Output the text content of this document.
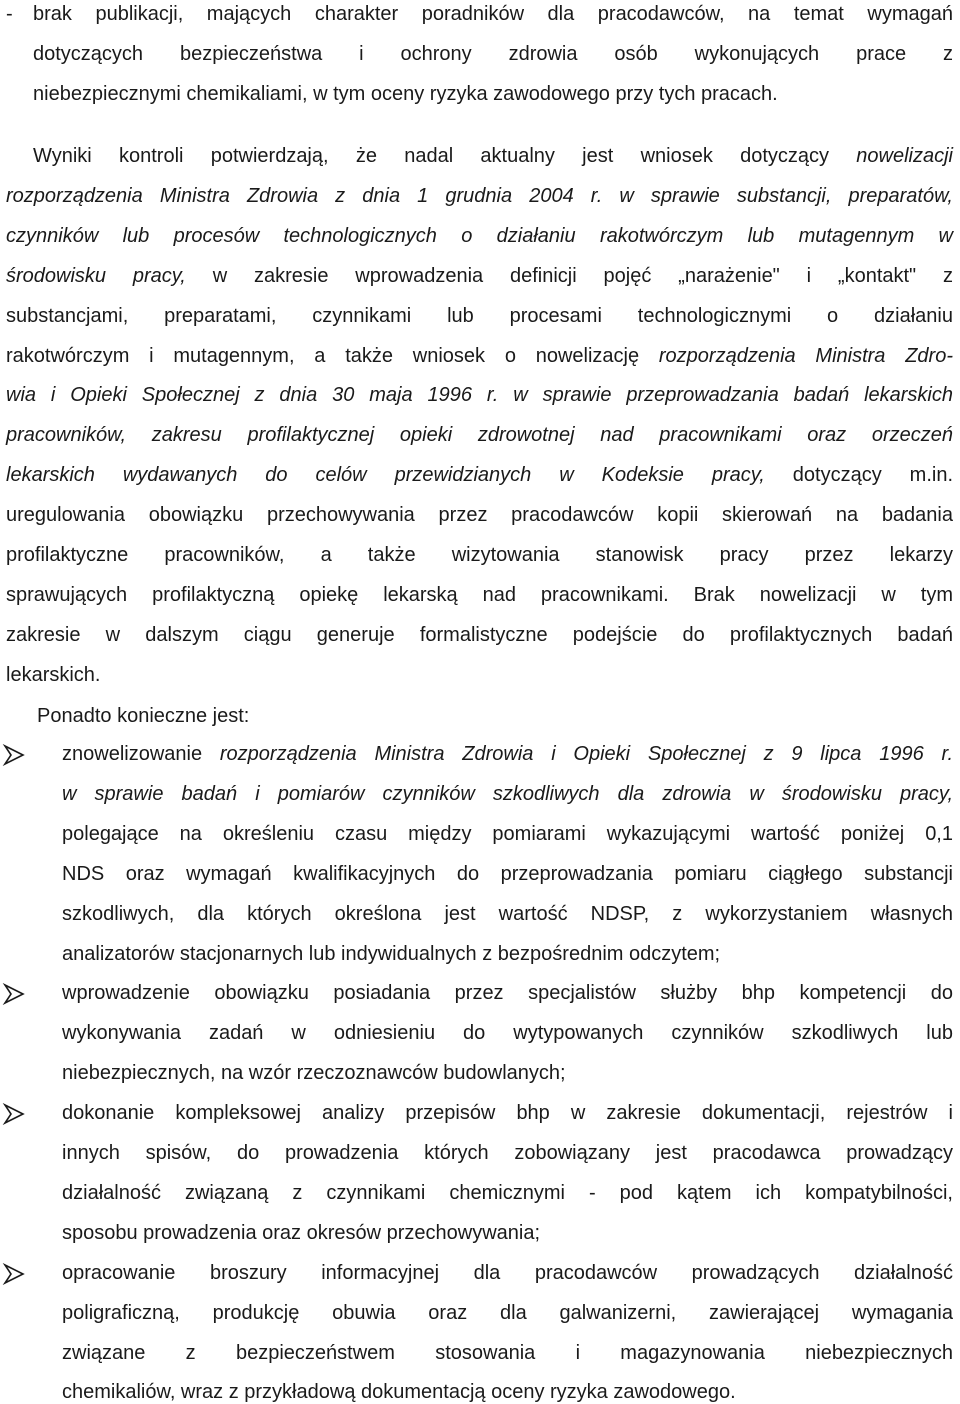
- brak publikacji, mających charakter poradników dla pracodawców, na temat wymagań
dotyczących bezpieczeństwa i ochrony zdrowia osób wykonujących prace z
niebezpiecznymi chemikaliami, w tym oceny ryzyka zawodowego przy tych pracach.
Wyniki kontroli potwierdzają, że nadal aktualny jest wniosek dotyczący nowelizacji
rozporządzenia Ministra Zdrowia z dnia 1 grudnia 2004 r. w sprawie substancji, preparatów,
czynników lub procesów technologicznych o działaniu rakotwórczym lub mutagennym w
środowisku pracy, w zakresie wprowadzenia definicji pojęć „narażenie" i „kontakt" z
substancjami, preparatami, czynnikami lub procesami technologicznymi o działaniu
rakotwórczym i mutagennym, a także wniosek o nowelizację rozporządzenia Ministra Zdro-
wia i Opieki Społecznej z dnia 30 maja 1996 r. w sprawie przeprowadzania badań lekarskich
pracowników, zakresu profilaktycznej opieki zdrowotnej nad pracownikami oraz orzeczeń
lekarskich wydawanych do celów przewidzianych w Kodeksie pracy, dotyczący m.in.
uregulowania obowiązku przechowywania przez pracodawców kopii skierowań na badania
profilaktyczne pracowników, a także wizytowania stanowisk pracy przez lekarzy
sprawujących profilaktyczną opiekę lekarską nad pracownikami. Brak nowelizacji w tym
zakresie w dalszym ciągu generuje formalistyczne podejście do profilaktycznych badań
lekarskich.
Ponadto konieczne jest:
znowelizowanie rozporządzenia Ministra Zdrowia i Opieki Społecznej z 9 lipca 1996 r.
w sprawie badań i pomiarów czynników szkodliwych dla zdrowia w środowisku pracy,
polegające na określeniu czasu między pomiarami wykazującymi wartość poniżej 0,1
NDS oraz wymagań kwalifikacyjnych do przeprowadzania pomiaru ciągłego substancji
szkodliwych, dla których określona jest wartość NDSP, z wykorzystaniem własnych
analizatorów stacjonarnych lub indywidualnych z bezpośrednim odczytem;
wprowadzenie obowiązku posiadania przez specjalistów służby bhp kompetencji do
wykonywania zadań w odniesieniu do wytypowanych czynników szkodliwych lub
niebezpiecznych, na wzór rzeczoznawców budowlanych;
dokonanie kompleksowej analizy przepisów bhp w zakresie dokumentacji, rejestrów i
innych spisów, do prowadzenia których zobowiązany jest pracodawca prowadzący
działalność związaną z czynnikami chemicznymi - pod kątem ich kompatybilności,
sposobu prowadzenia oraz okresów przechowywania;
opracowanie broszury informacyjnej dla pracodawców prowadzących działalność
poligraficzną, produkcję obuwia oraz dla galwanizerni, zawierającej wymagania
związane z bezpieczeństwem stosowania i magazynowania niebezpiecznych
chemikaliów, wraz z przykładową dokumentacją oceny ryzyka zawodowego.
